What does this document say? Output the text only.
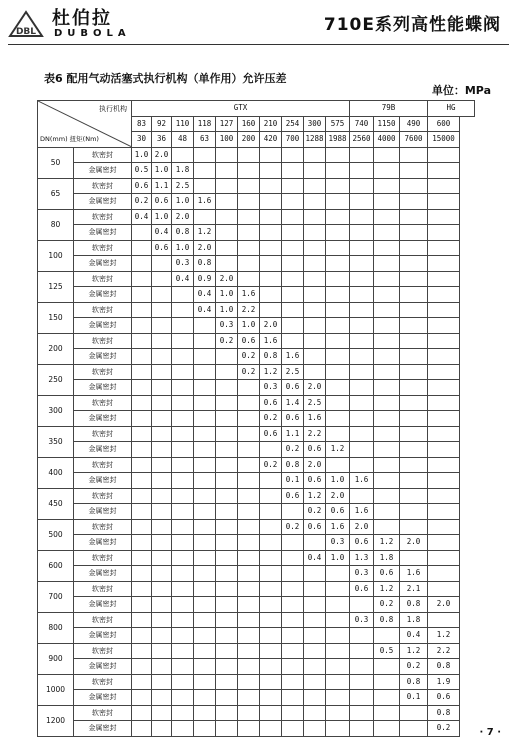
DBL
杜伯拉
DUBOLA	710E系列高性能蝶阀
表6 配用气动活塞式执行机构（单作用）允许压差
单位：MPa
执行机构
DN(mm) 扭矩(Nm)		GTX										79B			HG
		83	92	110	118	127	160	210	254	300	575	740	1150	490	600
		30	36	48	63	100	200	420	700	1288	1988	2560	4000	7600	15000
50	软密封	1.0	2.0												
	金属密封	0.5	1.0	1.8											
65	软密封	0.6	1.1	2.5											
	金属密封	0.2	0.6	1.0	1.6										
80	软密封	0.4	1.0	2.0											
	金属密封		0.4	0.8	1.2										
100	软密封		0.6	1.0	2.0										
	金属密封			0.3	0.8										
125	软密封			0.4	0.9	2.0									
	金属密封				0.4	1.0	1.6								
150	软密封				0.4	1.0	2.2								
	金属密封					0.3	1.0	2.0							
200	软密封					0.2	0.6	1.6							
	金属密封						0.2	0.8	1.6						
250	软密封						0.2	1.2	2.5						
	金属密封							0.3	0.6	2.0					
300	软密封							0.6	1.4	2.5					
	金属密封							0.2	0.6	1.6					
350	软密封							0.6	1.1	2.2					
	金属密封								0.2	0.6	1.2				
400	软密封							0.2	0.8	2.0					
	金属密封								0.1	0.6	1.0	1.6			
450	软密封								0.6	1.2	2.0				
	金属密封									0.2	0.6	1.6			
500	软密封								0.2	0.6	1.6	2.0			
	金属密封										0.3	0.6	1.2	2.0	
600	软密封									0.4	1.0	1.3	1.8		
	金属密封											0.3	0.6	1.6	
700	软密封											0.6	1.2	2.1	
	金属密封												0.2	0.8	2.0
800	软密封											0.3	0.8	1.8	
	金属密封													0.4	1.2
900	软密封												0.5	1.2	2.2
	金属密封													0.2	0.8
1000	软密封													0.8	1.9
	金属密封													0.1	0.6
1200	软密封														0.8
	金属密封														0.2	· 7 ·
